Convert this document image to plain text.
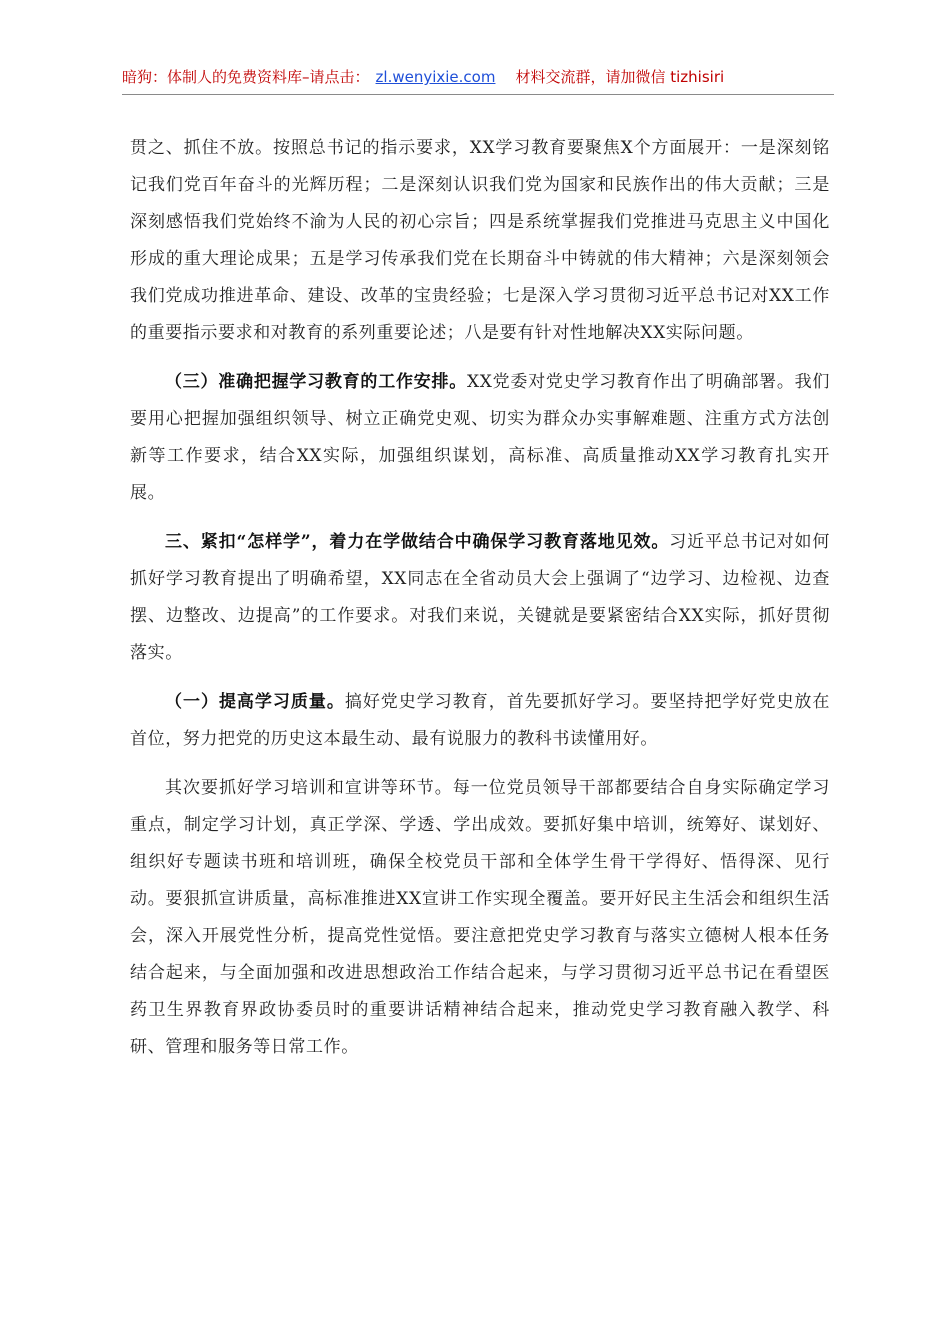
暗狗：体制人的免费资料库–请点击： zl.wenyixie.com 材料交流群，请加微信 tizhisiri

贯之、抓住不放。按照总书记的指示要求，XX学习教育要聚焦X个方面展开：一是深刻铭记我们党百年奋斗的光辉历程；二是深刻认识我们党为国家和民族作出的伟大贡献；三是深刻感悟我们党始终不渝为人民的初心宗旨；四是系统掌握我们党推进马克思主义中国化形成的重大理论成果；五是学习传承我们党在长期奋斗中铸就的伟大精神；六是深刻领会我们党成功推进革命、建设、改革的宝贵经验；七是深入学习贯彻习近平总书记对XX工作的重要指示要求和对教育的系列重要论述；八是要有针对性地解决XX实际问题。

（三）准确把握学习教育的工作安排。XX党委对党史学习教育作出了明确部署。我们要用心把握加强组织领导、树立正确党史观、切实为群众办实事解难题、注重方式方法创新等工作要求，结合XX实际，加强组织谋划，高标准、高质量推动XX学习教育扎实开展。

三、紧扣“怎样学”，着力在学做结合中确保学习教育落地见效。习近平总书记对如何抓好学习教育提出了明确希望，XX同志在全省动员大会上强调了“边学习、边检视、边查摆、边整改、边提高”的工作要求。对我们来说，关键就是要紧密结合XX实际，抓好贯彻落实。

（一）提高学习质量。搞好党史学习教育，首先要抓好学习。要坚持把学好党史放在首位，努力把党的历史这本最生动、最有说服力的教科书读懂用好。

其次要抓好学习培训和宣讲等环节。每一位党员领导干部都要结合自身实际确定学习重点，制定学习计划，真正学深、学透、学出成效。要抓好集中培训，统筹好、谋划好、组织好专题读书班和培训班，确保全校党员干部和全体学生骨干学得好、悟得深、见行动。要狠抓宣讲质量，高标准推进XX宣讲工作实现全覆盖。要开好民主生活会和组织生活会，深入开展党性分析，提高党性觉悟。要注意把党史学习教育与落实立德树人根本任务结合起来，与全面加强和改进思想政治工作结合起来，与学习贯彻习近平总书记在看望医药卫生界教育界政协委员时的重要讲话精神结合起来，推动党史学习教育融入教学、科研、管理和服务等日常工作。
